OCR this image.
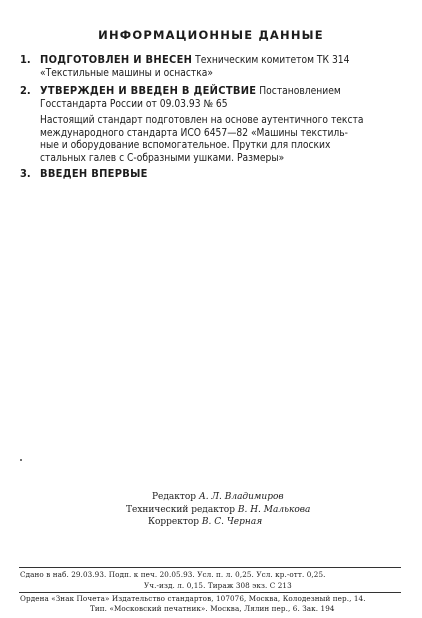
ИНФОРМАЦИОННЫЕ ДАННЫЕ
1. ПОДГОТОВЛЕН И ВНЕСЕН Техническим комитетом ТК 314
«Текстильные машины и оснастка»
2. УТВЕРЖДЕН И ВВЕДЕН В ДЕЙСТВИЕ Постановлением
Госстандарта России от 09.03.93 № 65
Настоящий стандарт подготовлен на основе аутентичного текста
международного стандарта ИСО 6457—82 «Машины текстиль-
ные и оборудование вспомогательное. Прутки для плоских
стальных галев с С-образными ушками. Размеры»
3. ВВЕДЕН ВПЕРВЫЕ
Редактор А. Л. Владимиров
Технический редактор В. Н. Малькова
Корректор В. С. Черная
Сдано в наб. 29.03.93. Подп. к печ. 20.05.93. Усл. п. л. 0,25. Усл. кр.-отт. 0,25.
Уч.-изд. л. 0,15. Тираж 308 экз. С 213
Ордена «Знак Почета» Издательство стандартов, 107076, Москва, Колодезный пер., 14.
Тип. «Московский печатник». Москва, Лялин пер., 6. Зак. 194
